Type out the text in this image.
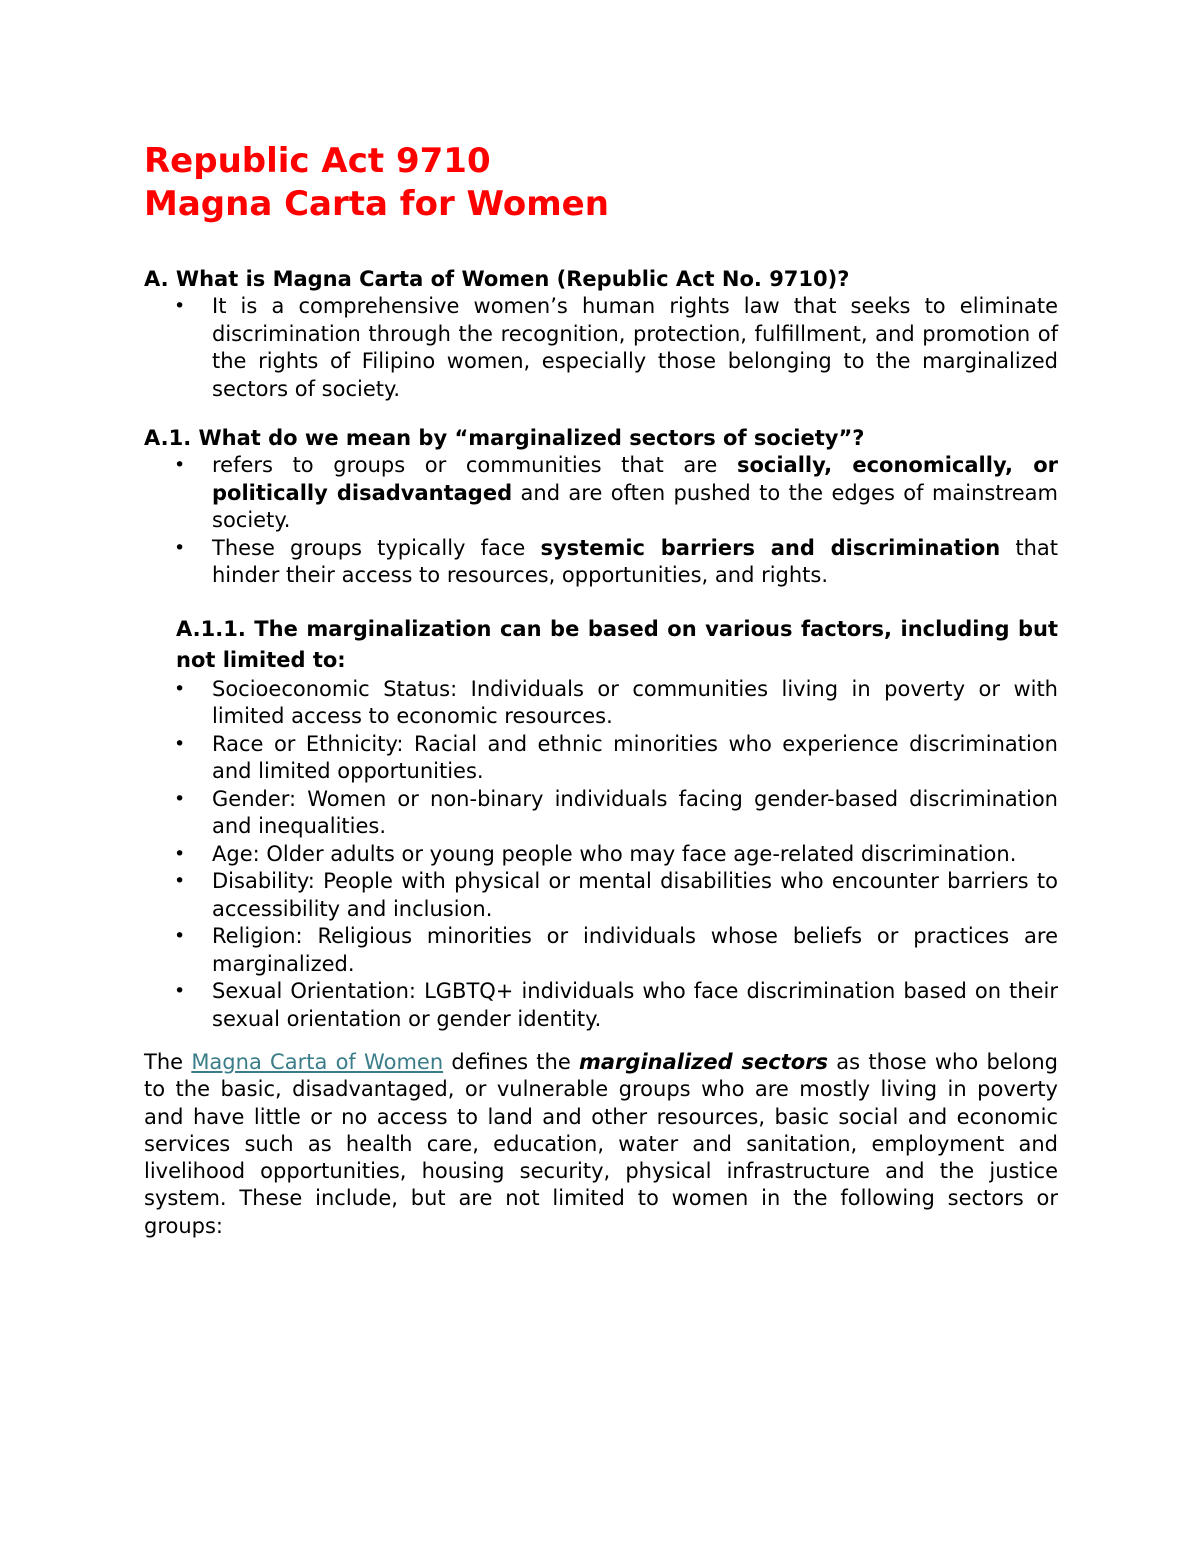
Republic Act 9710
Magna Carta for Women

A. What is Magna Carta of Women (Republic Act No. 9710)?

• It is a comprehensive women’s human rights law that seeks to eliminate discrimination through the recognition, protection, fulfillment, and promotion of the rights of Filipino women, especially those belonging to the marginalized sectors of society.

A.1. What do we mean by “marginalized sectors of society”?

• refers to groups or communities that are socially, economically, or politically disadvantaged and are often pushed to the edges of mainstream society.
• These groups typically face systemic barriers and discrimination that hinder their access to resources, opportunities, and rights.

A.1.1. The marginalization can be based on various factors, including but not limited to:

• Socioeconomic Status: Individuals or communities living in poverty or with limited access to economic resources.
• Race or Ethnicity: Racial and ethnic minorities who experience discrimination and limited opportunities.
• Gender: Women or non-binary individuals facing gender-based discrimination and inequalities.
• Age: Older adults or young people who may face age-related discrimination.
• Disability: People with physical or mental disabilities who encounter barriers to accessibility and inclusion.
• Religion: Religious minorities or individuals whose beliefs or practices are marginalized.
• Sexual Orientation: LGBTQ+ individuals who face discrimination based on their sexual orientation or gender identity.

The Magna Carta of Women defines the marginalized sectors as those who belong to the basic, disadvantaged, or vulnerable groups who are mostly living in poverty and have little or no access to land and other resources, basic social and economic services such as health care, education, water and sanitation, employment and livelihood opportunities, housing security, physical infrastructure and the justice system. These include, but are not limited to women in the following sectors or groups:
